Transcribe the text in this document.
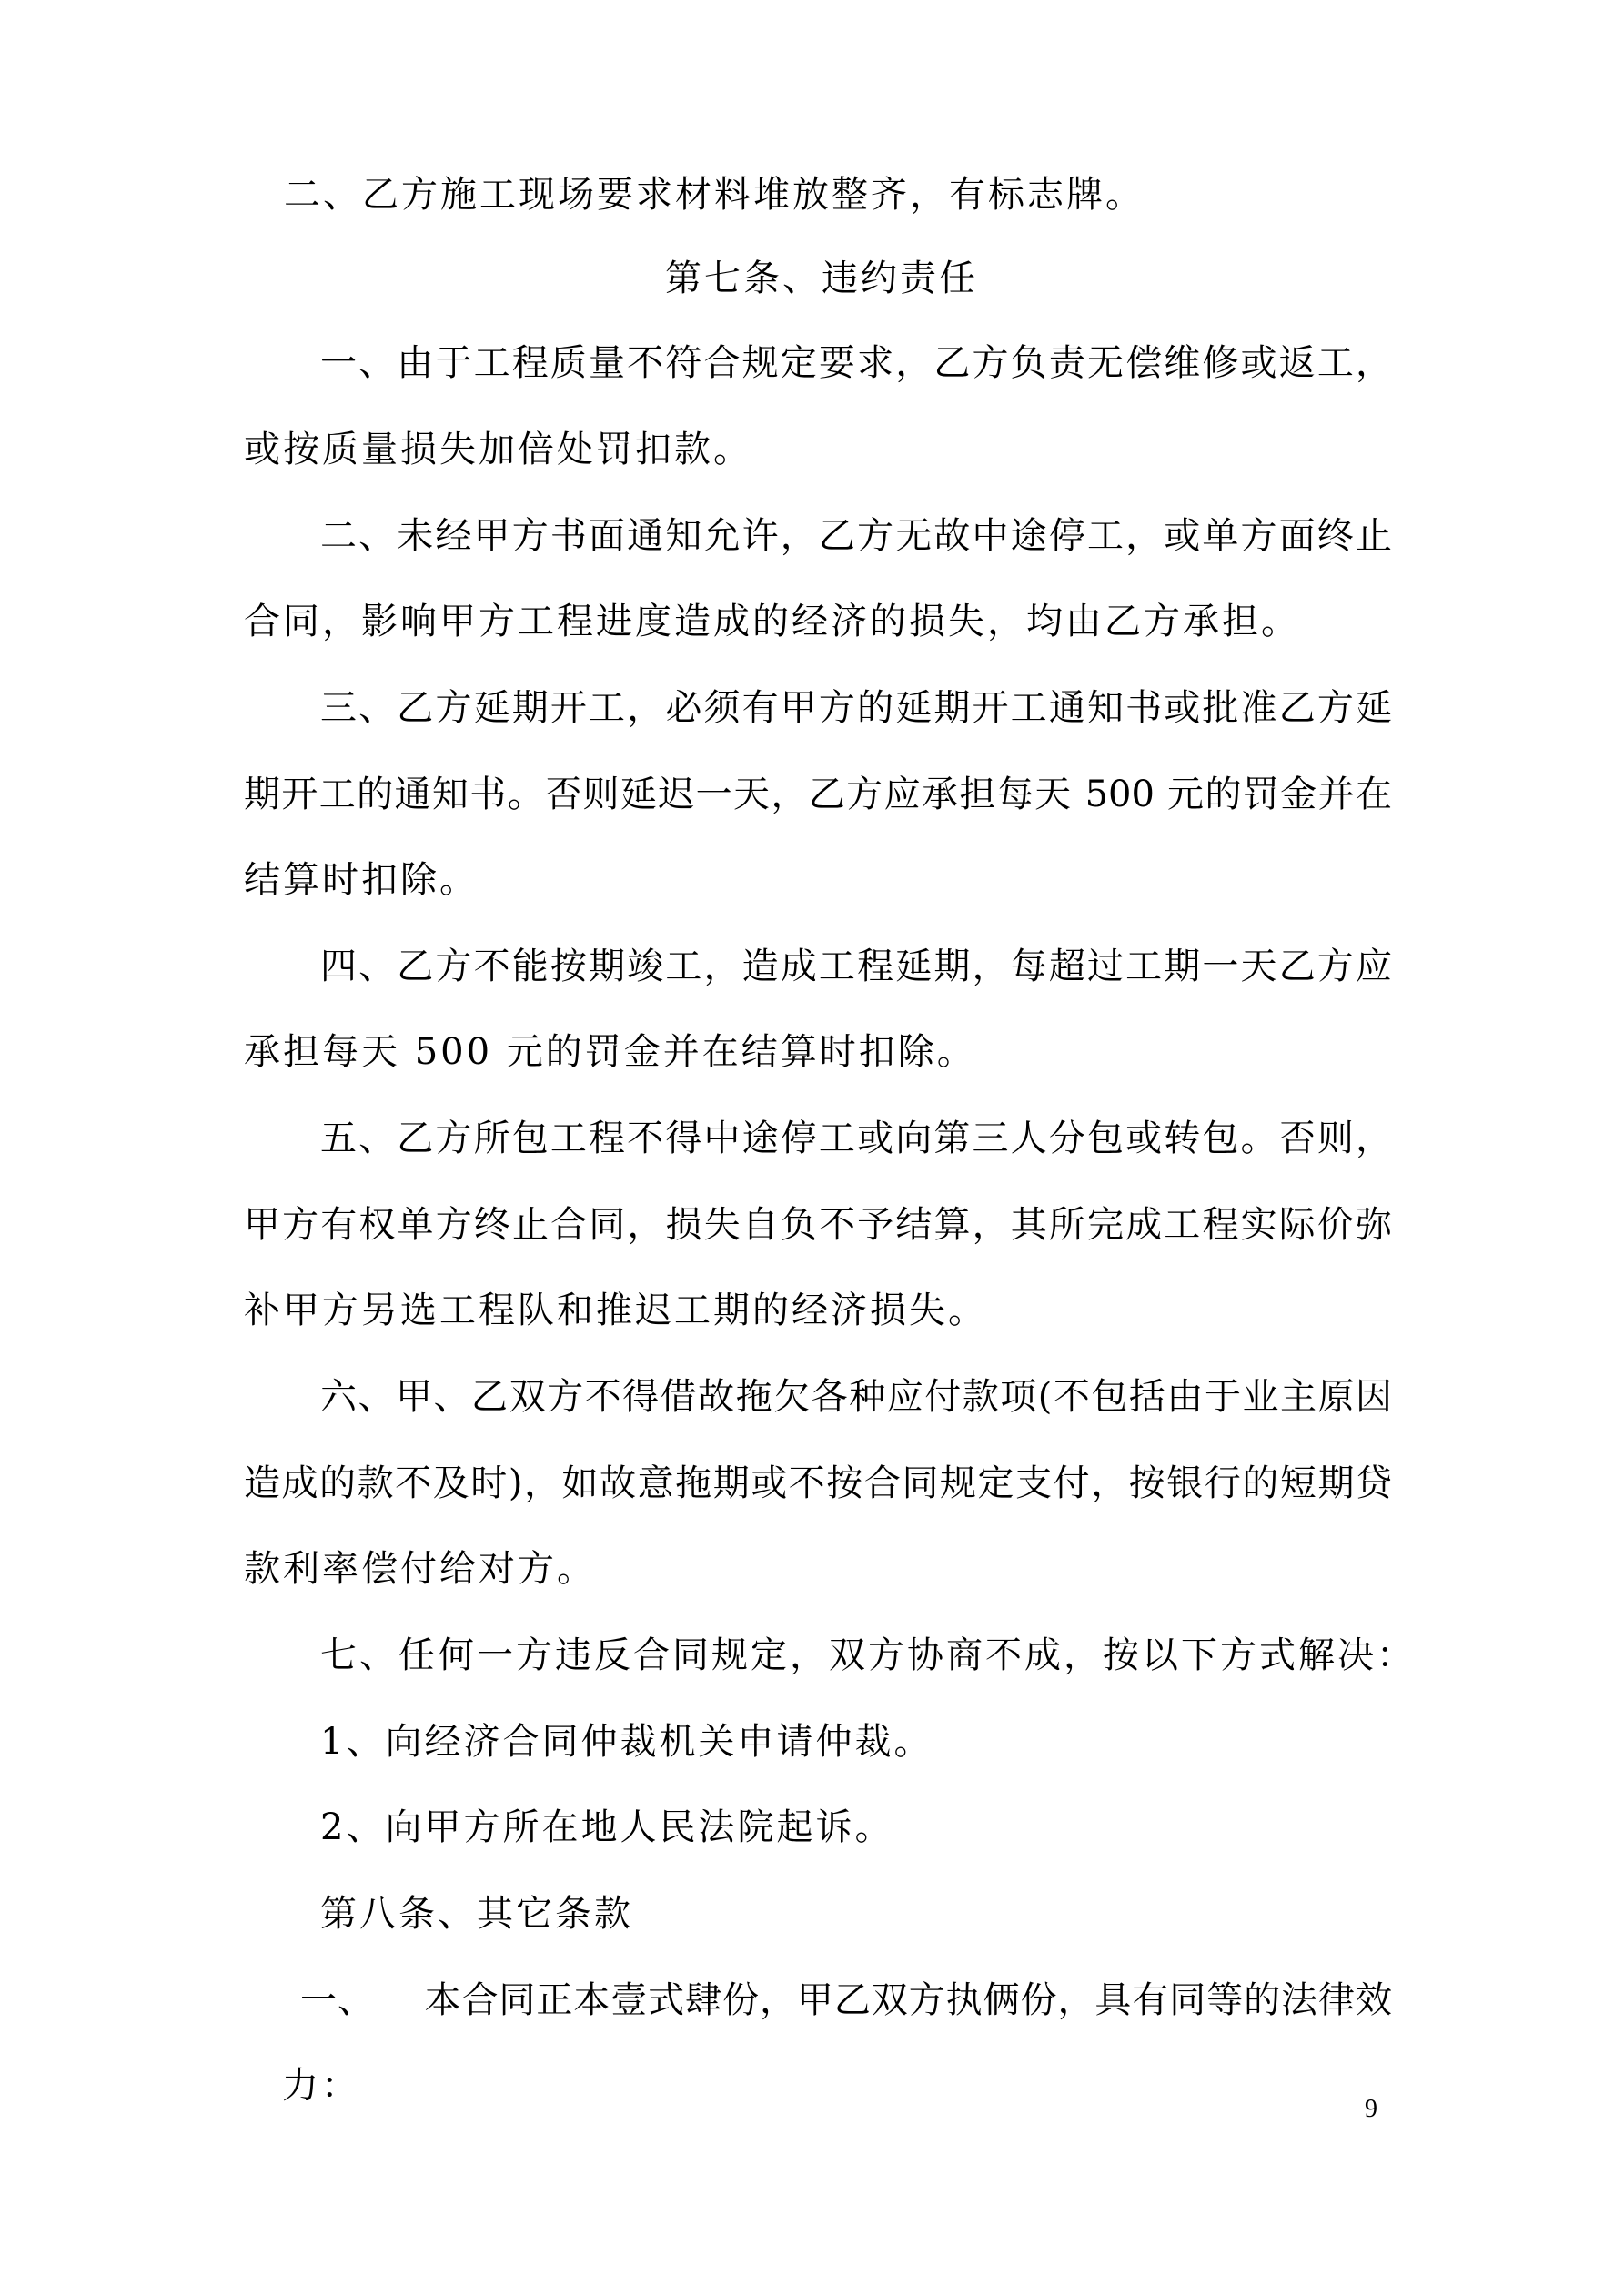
二、乙方施工现场要求材料堆放整齐，有标志牌。
第七条、违约责任
一、由于工程质量不符合规定要求，乙方负责无偿维修或返工，
或按质量损失加倍处罚扣款。
二、未经甲方书面通知允许，乙方无故中途停工，或单方面终止
合同，影响甲方工程进度造成的经济的损失，均由乙方承担。
三、乙方延期开工，必须有甲方的延期开工通知书或批准乙方延
期开工的通知书。否则延迟一天，乙方应承担每天 500 元的罚金并在
结算时扣除。
四、乙方不能按期竣工，造成工程延期，每超过工期一天乙方应
承担每天 500 元的罚金并在结算时扣除。
五、乙方所包工程不得中途停工或向第三人分包或转包。否则，
甲方有权单方终止合同，损失自负不予结算，其所完成工程实际价弥
补甲方另选工程队和推迟工期的经济损失。
六、甲、乙双方不得借故拖欠各种应付款项(不包括由于业主原因
造成的款不及时)，如故意拖期或不按合同规定支付，按银行的短期贷
款利率偿付给对方。
七、任何一方违反合同规定，双方协商不成，按以下方式解决：
1、向经济合同仲裁机关申请仲裁。
2、向甲方所在地人民法院起诉。
第八条、其它条款
一、    本合同正本壹式肆份，甲乙双方执俩份，具有同等的法律效
力：
9
